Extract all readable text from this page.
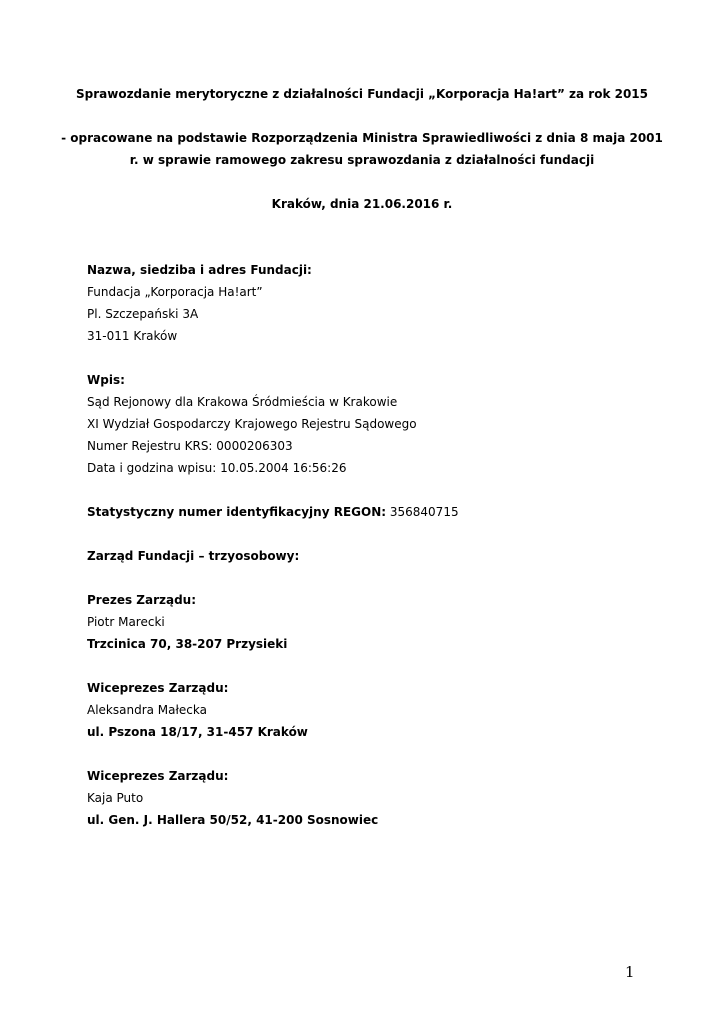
Sprawozdanie merytoryczne z działalności Fundacji „Korporacja Ha!art” za rok 2015
- opracowane na podstawie Rozporządzenia Ministra Sprawiedliwości z dnia 8 maja 2001
r. w sprawie ramowego zakresu sprawozdania z działalności fundacji
Kraków, dnia 21.06.2016 r.
Nazwa, siedziba i adres Fundacji:
Fundacja „Korporacja Ha!art”
Pl. Szczepański 3A
31-011 Kraków
Wpis:
Sąd Rejonowy dla Krakowa Śródmieścia w Krakowie
XI Wydział Gospodarczy Krajowego Rejestru Sądowego
Numer Rejestru KRS: 0000206303
Data i godzina wpisu: 10.05.2004 16:56:26
Statystyczny numer identyfikacyjny REGON: 356840715
Zarząd Fundacji – trzyosobowy:
Prezes Zarządu:
Piotr Marecki
Trzcinica 70, 38-207 Przysieki
Wiceprezes Zarządu:
Aleksandra Małecka
ul. Pszona 18/17, 31-457 Kraków
Wiceprezes Zarządu:
Kaja Puto
ul. Gen. J. Hallera 50/52, 41-200 Sosnowiec
1
